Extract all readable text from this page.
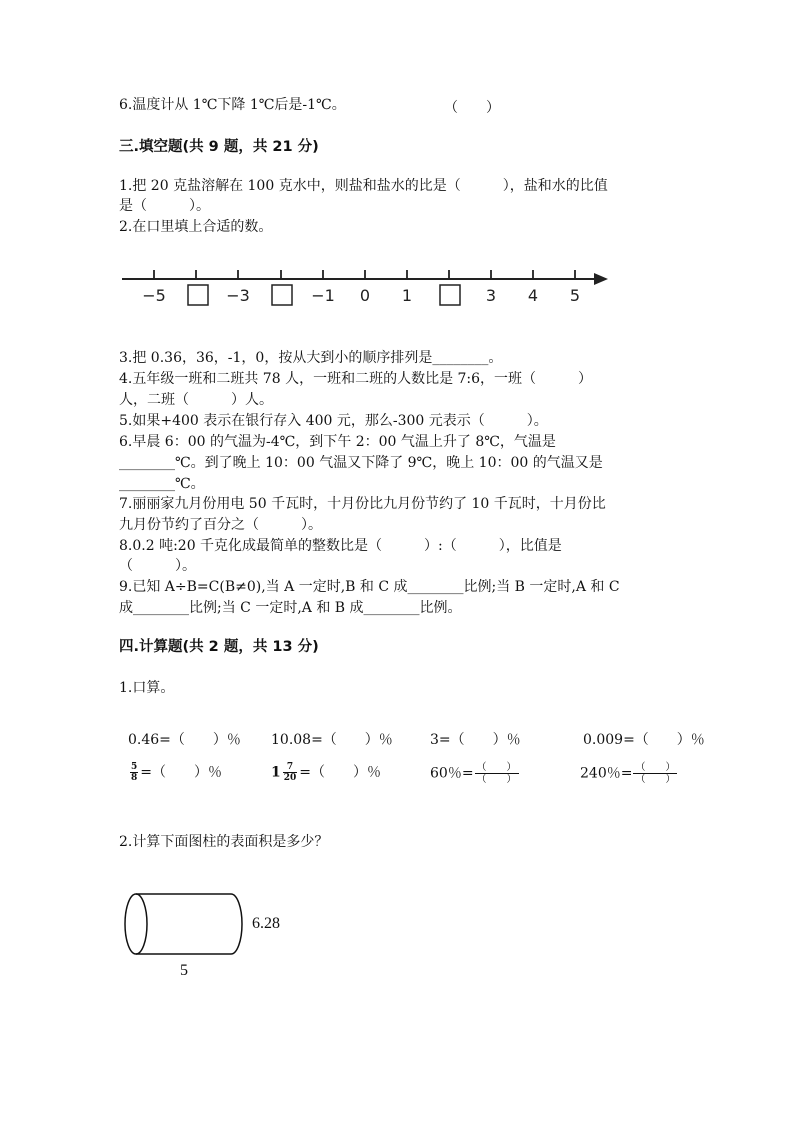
6.温度计从 1℃下降 1℃后是-1℃。	（　　）
三.填空题(共 9 题，共 21 分)
1.把 20 克盐溶解在 100 克水中，则盐和盐水的比是（　　　），盐和水的比值
是（　　　）。
2.在口里填上合适的数。
−5	−3	−1 0 1	3 4 5
3.把 0.36，36，-1，0，按从大到小的顺序排列是________。
4.五年级一班和二班共 78 人，一班和二班的人数比是 7:6，一班（　　　）
人，二班（　　　）人。
5.如果+400 表示在银行存入 400 元，那么-300 元表示（　　　）。
6.早晨 6：00 的气温为-4℃，到下午 2：00 气温上升了 8℃，气温是
________℃。到了晚上 10：00 气温又下降了 9℃，晚上 10：00 的气温又是
________℃。
7.丽丽家九月份用电 50 千瓦时，十月份比九月份节约了 10 千瓦时，十月份比
九月份节约了百分之（　　　）。
8.0.2 吨:20 千克化成最简单的整数比是（　　　）:（　　　），比值是
（　　　）。
9.已知 A÷B=C(B≠0),当 A 一定时,B 和 C 成________比例;当 B 一定时,A 和 C
成________比例;当 C 一定时,A 和 B 成________比例。
四.计算题(共 2 题，共 13 分)
1.口算。
0.46=（　　）％ 10.08=（　　）％	3=（　　）％	0.009=（　　）％
$\frac{5}{8}$ =（　　）％	$1 \frac{7}{20}$ =（　　）％	60％= $\frac{( )}{( )}$	240％= $\frac{( )}{( )}$
2.计算下面图柱的表面积是多少？
6.28
5
